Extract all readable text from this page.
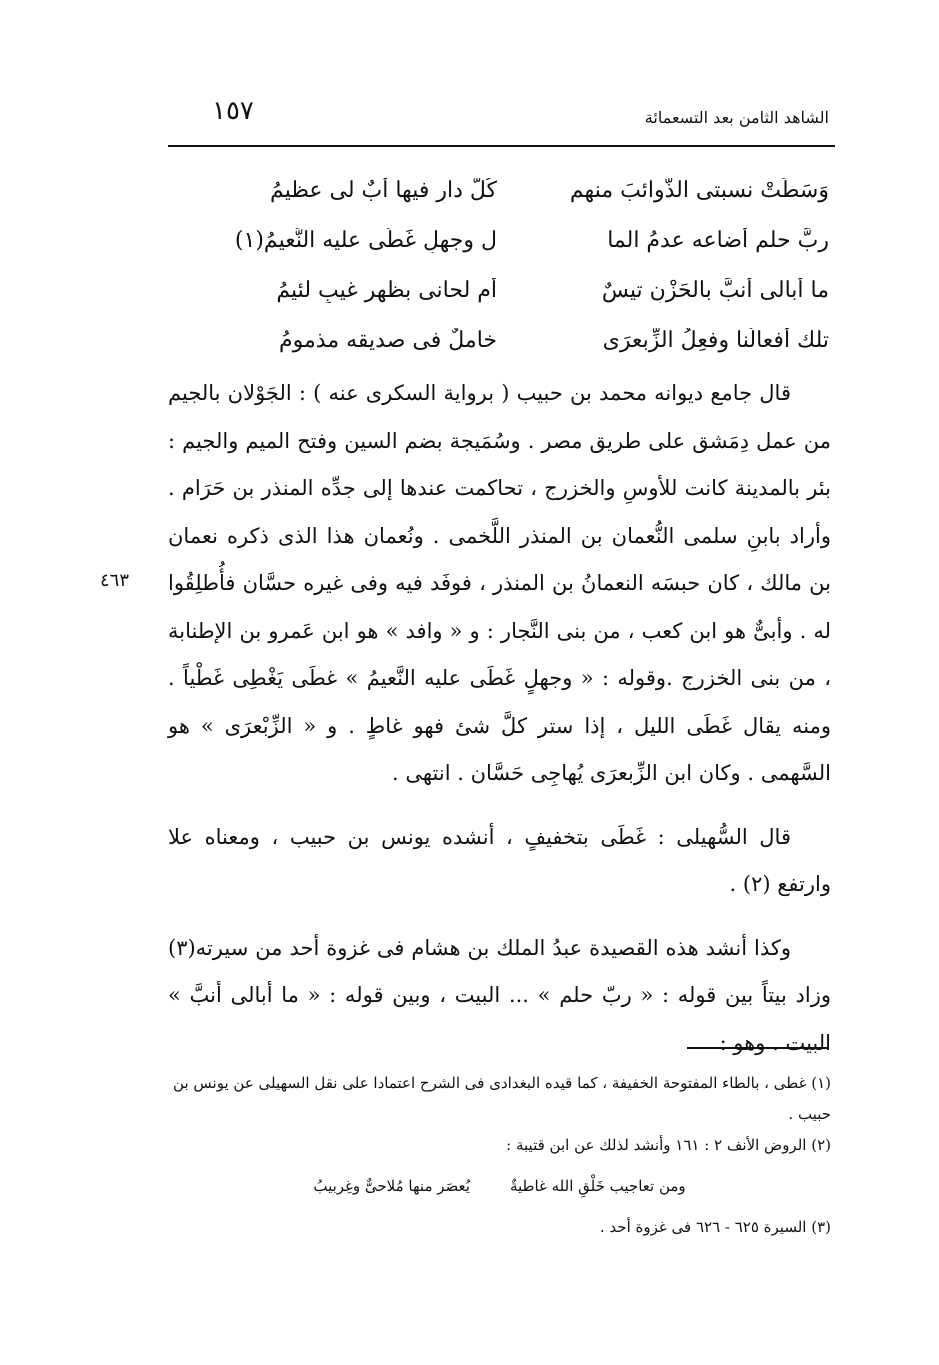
الشاهد الثامن بعد التسعمائة
١٥٧
وَسَطَتْ نسبتى الذَّوائبَ منهم
كُلُّ دارٍ فيها أبٌ لى عظيمُ
ربَّ حلمٍ أضاعه عدمُ الما
ل وجهلٍ غَطَى عليه النَّعيمُ(١)
ما أبالى أنبَّ بالحَزْنِ تيسٌ
أم لحانى بظهرِ غيبٍ لئيمُ
تلك أفعالُنا وفعِلُ الزِّبعرَى
خاملٌ فى صديقه مذمومُ

قال جامع ديوانه محمد بن حبيب ( برواية السكرى عنه ) : الجَوْلان بالجيم من عمل دِمَشق على طريق مصر . وسُمَيجة بضم السين وفتح الميم والجيم : بئر بالمدينة كانت للأوسِ والخزرج ، تحاكمت عندها إلى جدِّه المنذر بن حَرَام . وأراد بابنِ سلمى النُّعمان بن المنذر اللَّخمى . ونُعمان هذا الذى ذكره نعمان بن مالك ، كان حبسَه النعمانُ بن المنذر ، فوفَد فيه وفى غيره حسَّان فأُطلِقُوا له . وأبىٌّ هو ابن كعب ، من بنى النَّجار : و « وافد » هو ابن عَمرو بن الإطنابة ، من بنى الخزرج .وقوله : « وجهلٍ غَطَى عليه النَّعيمُ » غطَى يَغْطِى غَطْياً . ومنه يقال غَطَى الليل ، إذا ستر كلَّ شئ فهو غاطٍ . و « الزِّبْعرَى » هو السَّهمى . وكان ابن الزِّبعرَى يُهاجِى حَسَّان . انتهى .

قال السُّهيلى : غَطَى بتخفيفٍ ، أنشده يونس بن حبيب ، ومعناه علا وارتفع (٢) .

وكذا أنشد هذه القصيدة عبدُ الملك بن هشام فى غزوة أحد من سيرته(٣) وزاد بيتاً بين قوله : « ربّ حلم » ... البيت ، وبين قوله : « ما أبالى أنبَّ » البيت . وهو :

٤٦٣

(١) غطى ، بالطاء المفتوحة الخفيفة ، كما قيده البغدادى فى الشرح اعتمادا على نقل السهيلى عن يونس بن حبيب .

(٢) الروض الأنف ٢ : ١٦١ وأنشد لذلك عن ابن قتيبة :

ومن تعاجيب خَلْقِ الله غاطيةٌ
يُعصَر منها مُلاحىٌّ وغِربيبُ

(٣) السيرة ٦٢٥ - ٦٢٦ فى غزوة أحد .
